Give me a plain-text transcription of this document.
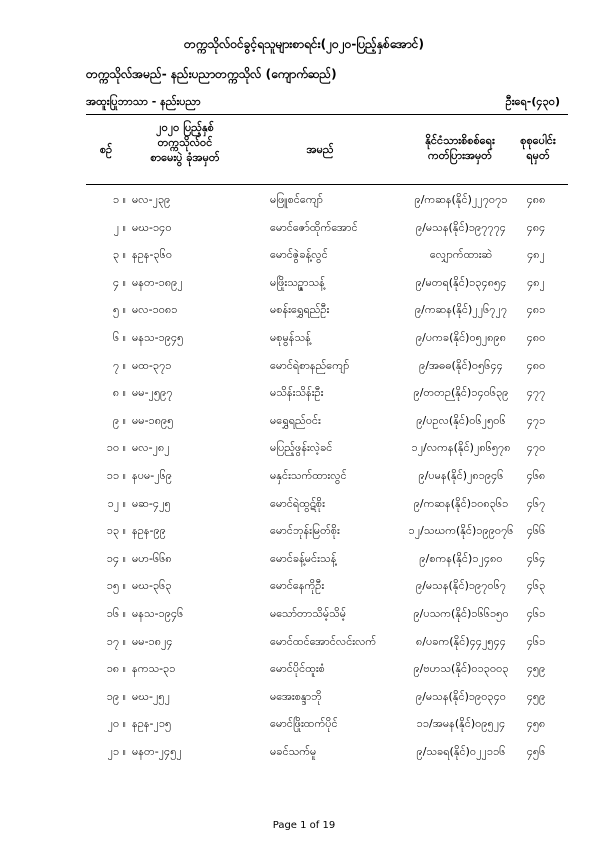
တက္ကသိုလ်ဝင်ခွင့်ရသူများစာရင်း(၂၀၂၀-ပြည့်နှစ်အောင်)
တက္ကသိုလ်အမည်- နည်းပညာတက္ကသိုလ် (ကျောက်ဆည်)
အထူးပြုဘာသာ - နည်းပညာ	ဦးရေ-(၄၃၀)
စဉ်
၂၀၂၀ ပြည့်နှစ်
တက္ကသိုလ်ဝင်
စာမေးပွဲ ခုံအမှတ်
အမည်
နိုင်ငံသားစိစစ်ရေး
ကတ်ပြားအမှတ်
စုစုပေါင်း
ရမှတ်
၁ ။ မလ-၂၃၉	မဖြူစင်ကျော်	၉/ကဆန(နိုင်)၂၂၇၀၇၁	၄၈၈
၂ ။ မဃ-၁၄၀	မောင်ဇော်ထိုက်အောင်	၉/မသန(နိုင်)၁၉၇၇၇၄	၄၈၄
၃ ။ နဥန-၃၆၀	မောင်ဇွဲခန့်လွင်	လျှောက်ထားဆဲ	၄၈၂
၄ ။ မနတ-၁၈၉၂	မဖြိုးသဉ္ဇာသန့်	၉/မတရ(နိုင်)၁၃၄၈၅၄	၄၈၂
၅ ။ မလ-၁၀၈၁	မစန်းရွှေရည်ဦး	၉/ကဆန(နိုင်)၂၂၆၇၂၇	၄၈၁
၆ ။ မနသ-၁၉၄၅	မစုမွန်သန့်	၉/ပကခ(နိုင်)၀၅၂၈၉၈	၄၈၀
၇ ။ မထ-၃၇၁	မောင်ရဲစာနည်ကျော်	၉/အဓဓ(နိုင်)၀၅၆၄၄	၄၈၀
၈ ။ မမ-၂၅၉၇	မသိန်းသိန်းဦး	၉/တတဉ(နိုင်)၁၄၀၆၃၉	၄၇၇
၉ ။ မမ-၁၈၉၅	မရွှေရည်ဝင်း	၉/ပဥလ(နိုင်)၀၆၂၅၀၆	၄၇၁
၁၀ ။ မလ-၂၈၂	မပြည့်ဖွန်းလဲ့ခင်	၁၂/လကန(နိုင်)၂၈၆၅၇၈	၄၇၀
၁၁ ။ နပမ-၂၆၉	မနှင်းသက်ထားလွင်	၉/ပမန(နိုင်)၂၈၁၉၄၆	၄၆၈
၁၂ ။ မဆ-၄၂၅	မောင်ရဲထွဋ်စိုး	၉/ကဆန(နိုင်)၁၀၈၃၆၁	၄၆၇
၁၃ ။ နဥန-၉၉	မောင်ဘုန်းမြတ်စိုး	၁၂/သဃက(နိုင်)၁၉၉၀၇၆	၄၆၆
၁၄ ။ မဟ-၆၆၈	မောင်ခန့်မင်းသန့်	၉/စကန(နိုင်)၁၂၄၈၀	၄၆၄
၁၅ ။ မဃ-၃၆၃	မောင်နေကိုဦး	၉/မသန(နိုင်)၁၉၇၀၆၇	၄၆၃
၁၆ ။ မနသ-၁၉၄၆	မသော်တာသိမ့်သိမ့်	၉/ပသက(နိုင်)၁၆၆၁၅၀	၄၆၁
၁၇ ။ မမ-၁၈၂၄	မောင်ထင်အောင်လင်းလက်	၈/ပခက(နိုင်)၄၄၂၅၄၄	၄၆၁
၁၈ ။ နကသ-၃၁	မောင်ပိုင်ထူးစံ	၉/ဗဟသ(နိုင်)၀၁၃၀၀၃	၄၅၉
၁၉ ။ မဃ-၂၅၂	မအေးစန္ဒာဘို	၉/မသန(နိုင်)၁၉၀၃၄၀	၄၅၉
၂၀ ။ နဥန-၂၁၅	မောင်ဖြိုးထက်ပိုင်	၁၁/အမန(နိုင်)၀၉၅၂၄	၄၅၈
၂၁ ။ မနတ-၂၄၅၂	မခင်သက်မူ	၉/သခရ(နိုင်)၀၂၂၁၁၆	၄၅၆
Page 1 of 19
